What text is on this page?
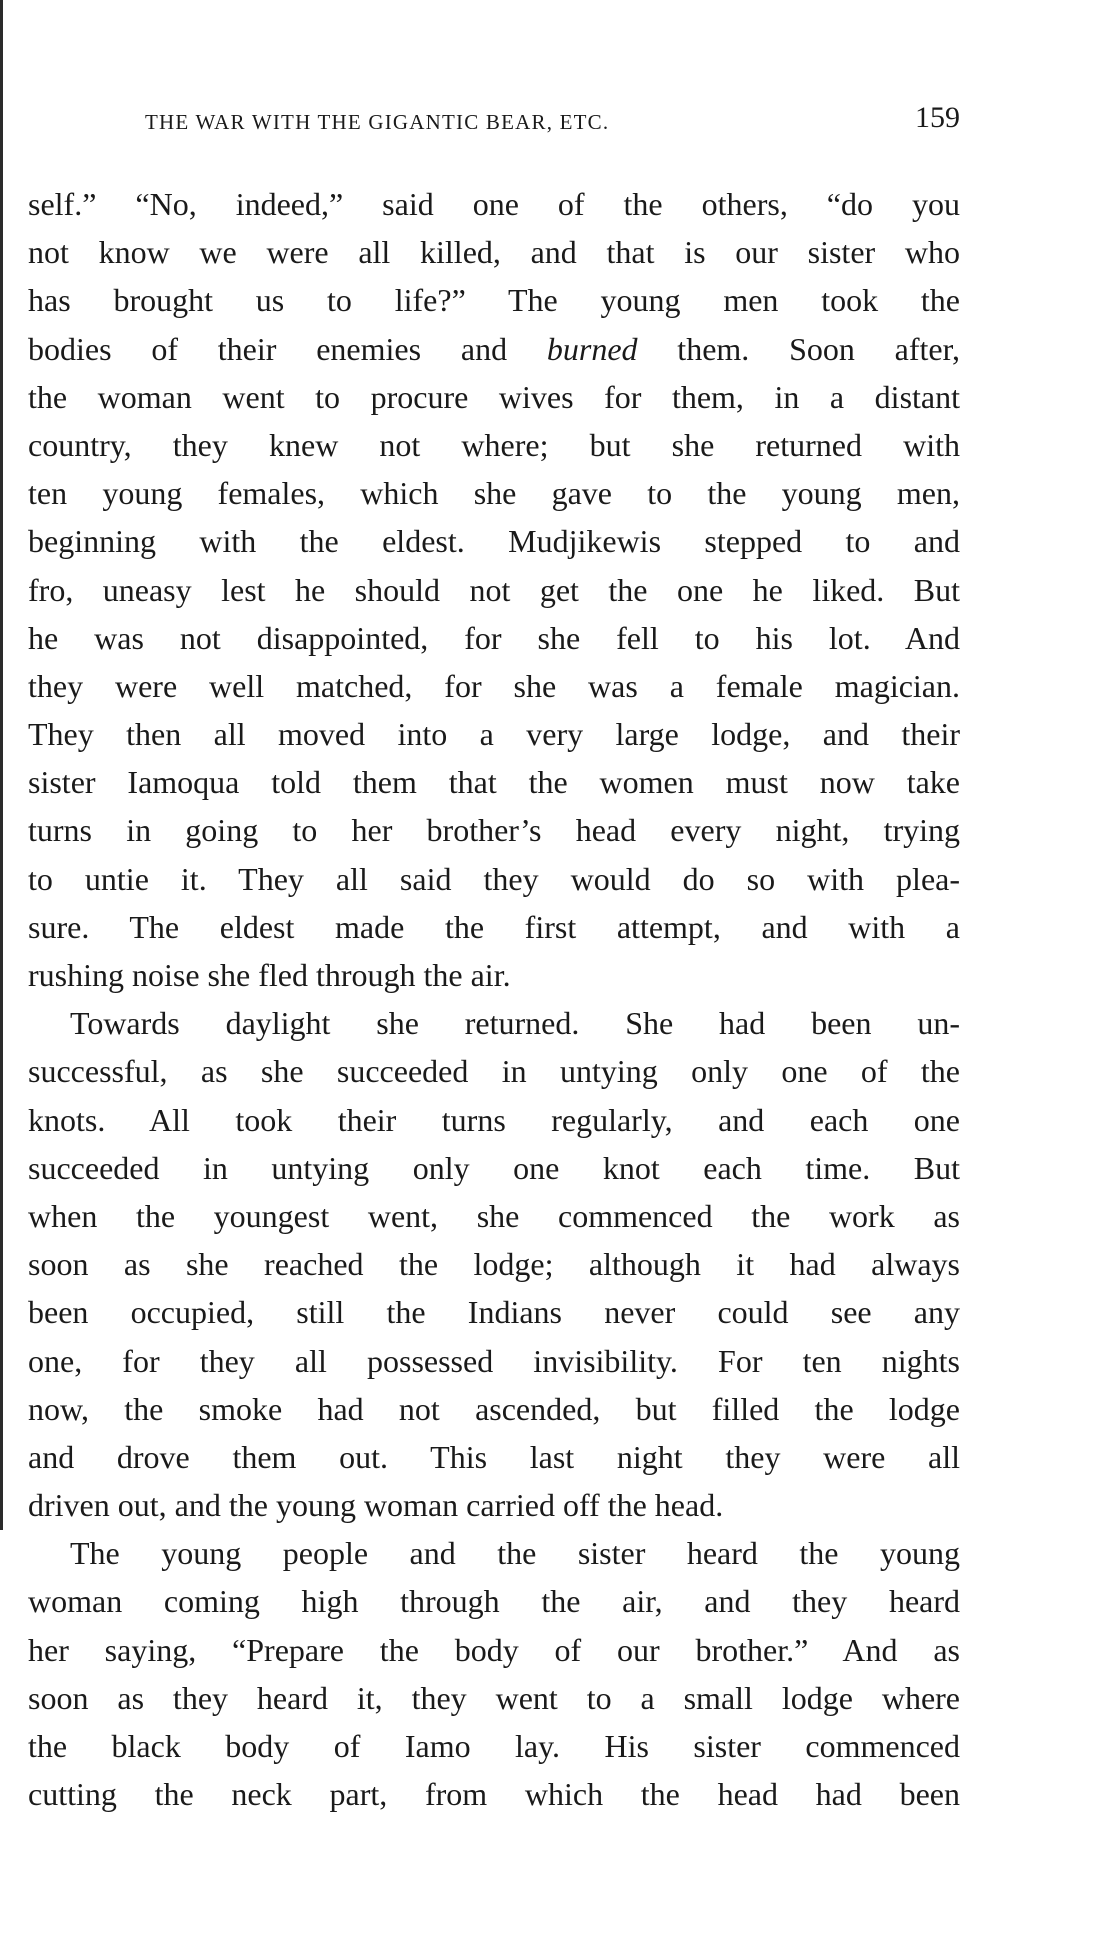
THE WAR WITH THE GIGANTIC BEAR, ETC.	159
self.” “No, indeed,” said one of the others, “do you
not know we were all killed, and that is our sister who
has brought us to life?” The young men took the
bodies of their enemies and burned them. Soon after,
the woman went to procure wives for them, in a distant
country, they knew not where; but she returned with
ten young females, which she gave to the young men,
beginning with the eldest. Mudjikewis stepped to and
fro, uneasy lest he should not get the one he liked. But
he was not disappointed, for she fell to his lot. And
they were well matched, for she was a female magician.
They then all moved into a very large lodge, and their
sister Iamoqua told them that the women must now take
turns in going to her brother’s head every night, trying
to untie it. They all said they would do so with plea-
sure. The eldest made the first attempt, and with a
rushing noise she fled through the air.
Towards daylight she returned. She had been un-
successful, as she succeeded in untying only one of the
knots. All took their turns regularly, and each one
succeeded in untying only one knot each time. But
when the youngest went, she commenced the work as
soon as she reached the lodge; although it had always
been occupied, still the Indians never could see any
one, for they all possessed invisibility. For ten nights
now, the smoke had not ascended, but filled the lodge
and drove them out. This last night they were all
driven out, and the young woman carried off the head.
The young people and the sister heard the young
woman coming high through the air, and they heard
her saying, “Prepare the body of our brother.” And as
soon as they heard it, they went to a small lodge where
the black body of Iamo lay. His sister commenced
cutting the neck part, from which the head had been
